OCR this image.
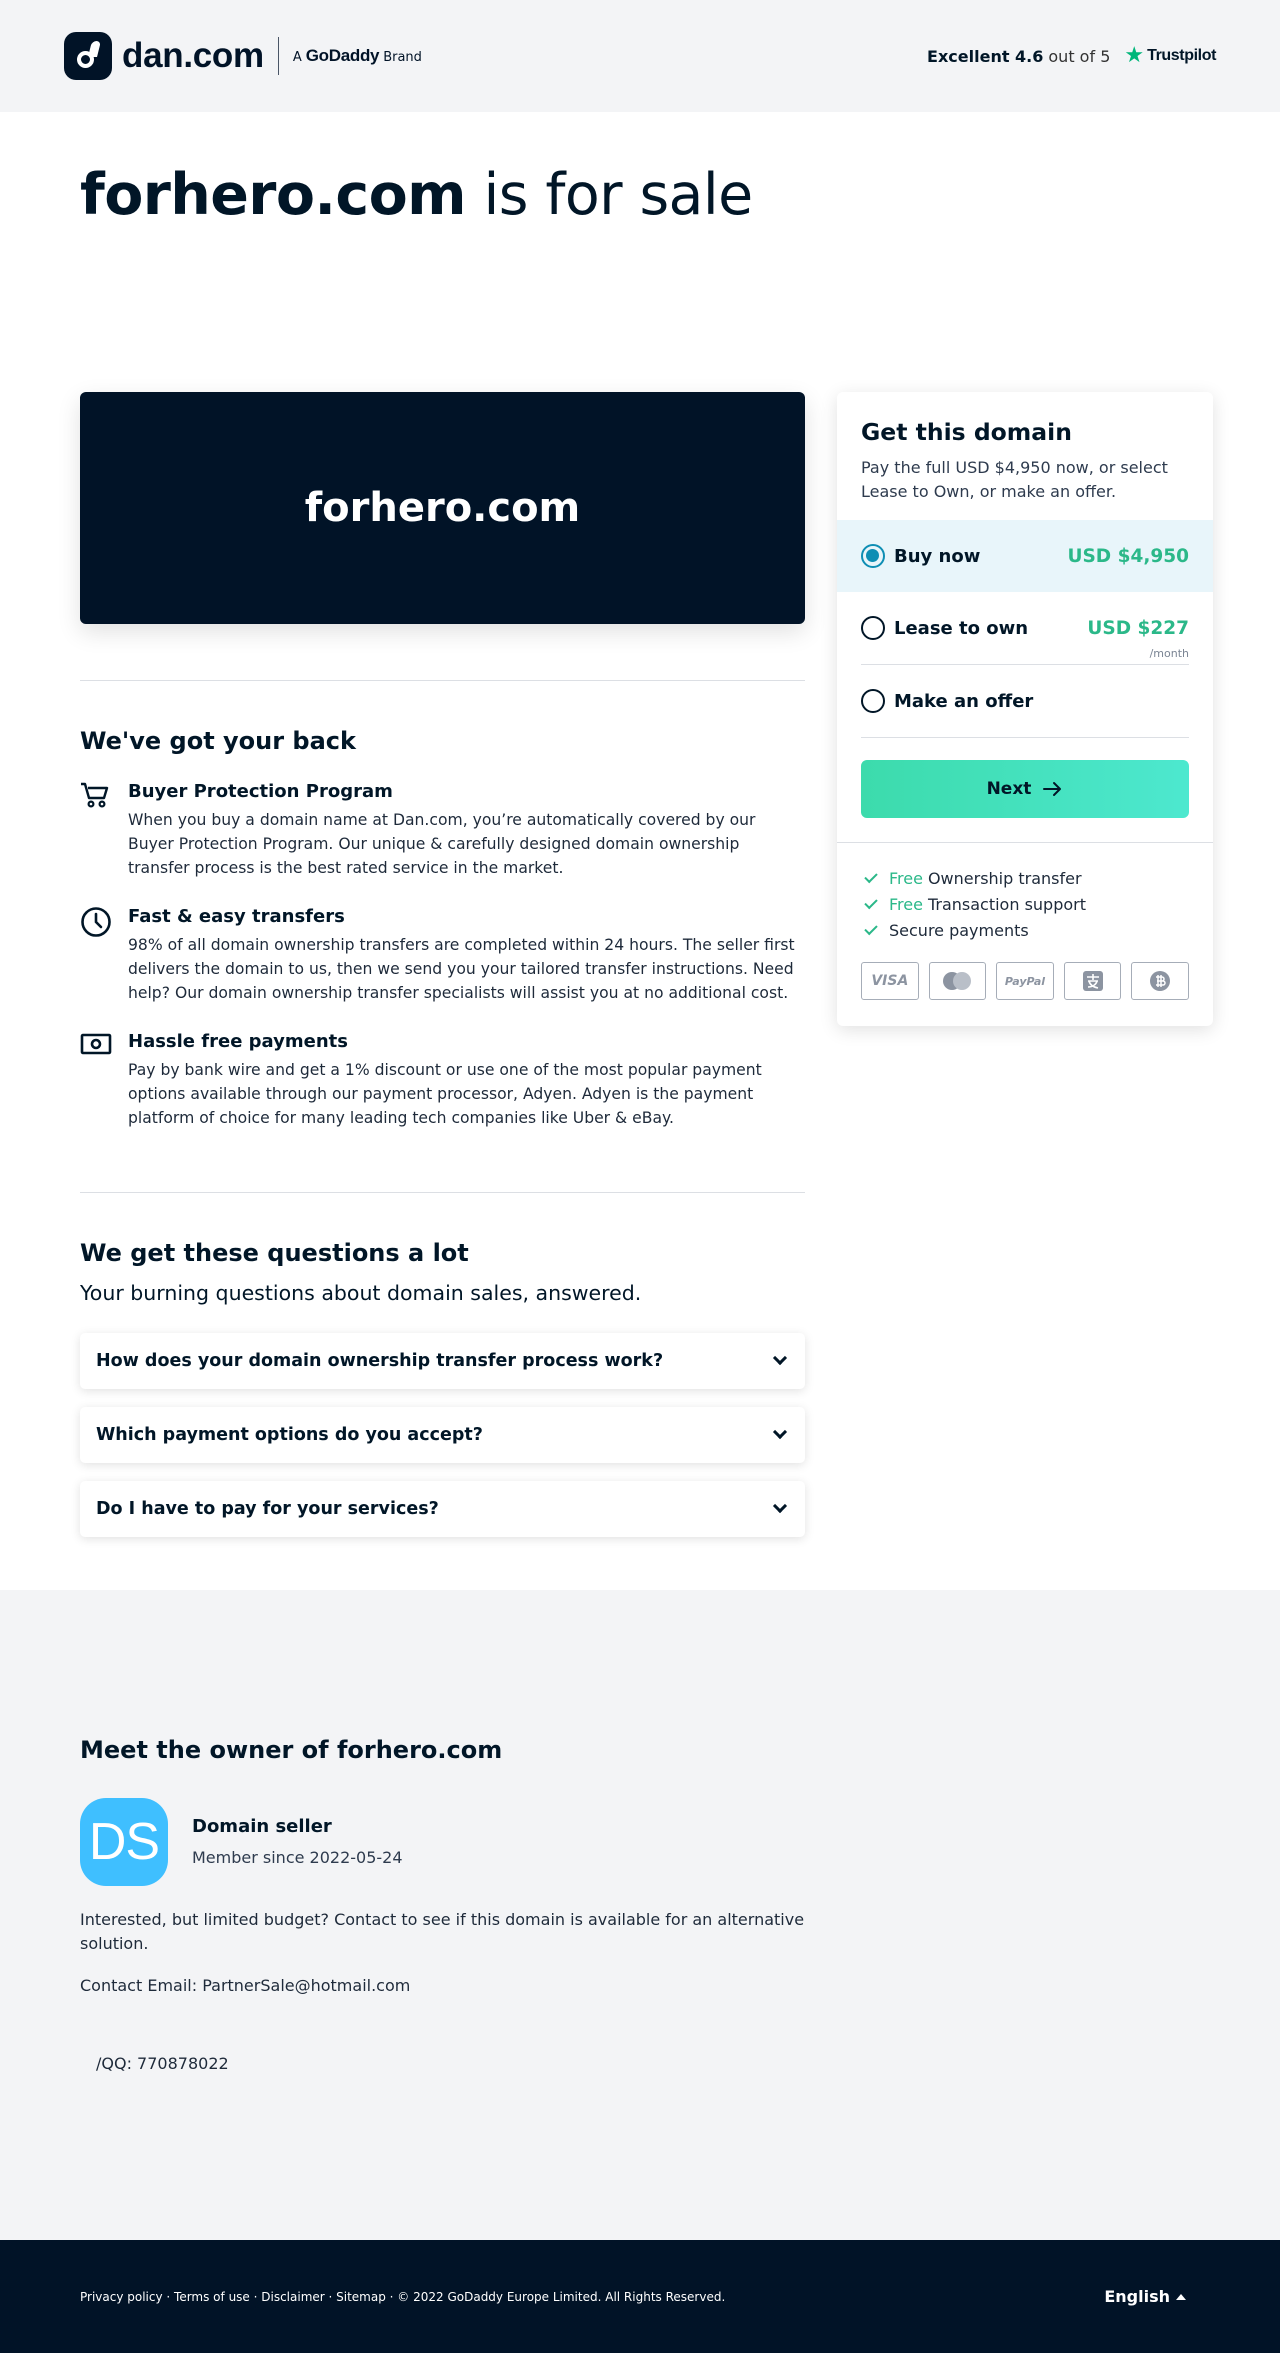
dan.com A GoDaddy Brand	Excellent 4.6 out of 5 ★ Trustpilot
forhero.com is for sale
forhero.com
We've got your back
Buyer Protection Program

When you buy a domain name at Dan.com, you’re automatically covered by our Buyer Protection Program. Our unique & carefully designed domain ownership transfer process is the best rated service in the market.

Fast & easy transfers

98% of all domain ownership transfers are completed within 24 hours. The seller first delivers the domain to us, then we send you your tailored transfer instructions. Need help? Our domain ownership transfer specialists will assist you at no additional cost.

Hassle free payments

Pay by bank wire and get a 1% discount or use one of the most popular payment options available through our payment processor, Adyen. Adyen is the payment platform of choice for many leading tech companies like Uber & eBay.

We get these questions a lot

Your burning questions about domain sales, answered.

How does your domain ownership transfer process work?
Which payment options do you accept?
Do I have to pay for your services?
Get this domain

Pay the full USD $4,950 now, or select Lease to Own, or make an offer.

Buy now	USD $4,950
Lease to own	USD $227
/month
Make an offer
Next
Free Ownership transfer
Free Transaction support
Secure payments
VISA	PayPal
Meet the owner of forhero.com
DS Domain seller
Member since 2022-05-24

Interested, but limited budget? Contact to see if this domain is available for an alternative solution.

Contact Email: PartnerSale@hotmail.com

/QQ: 770878022

Privacy policy · Terms of use · Disclaimer · Sitemap · © 2022 GoDaddy Europe Limited. All Rights Reserved.	English
